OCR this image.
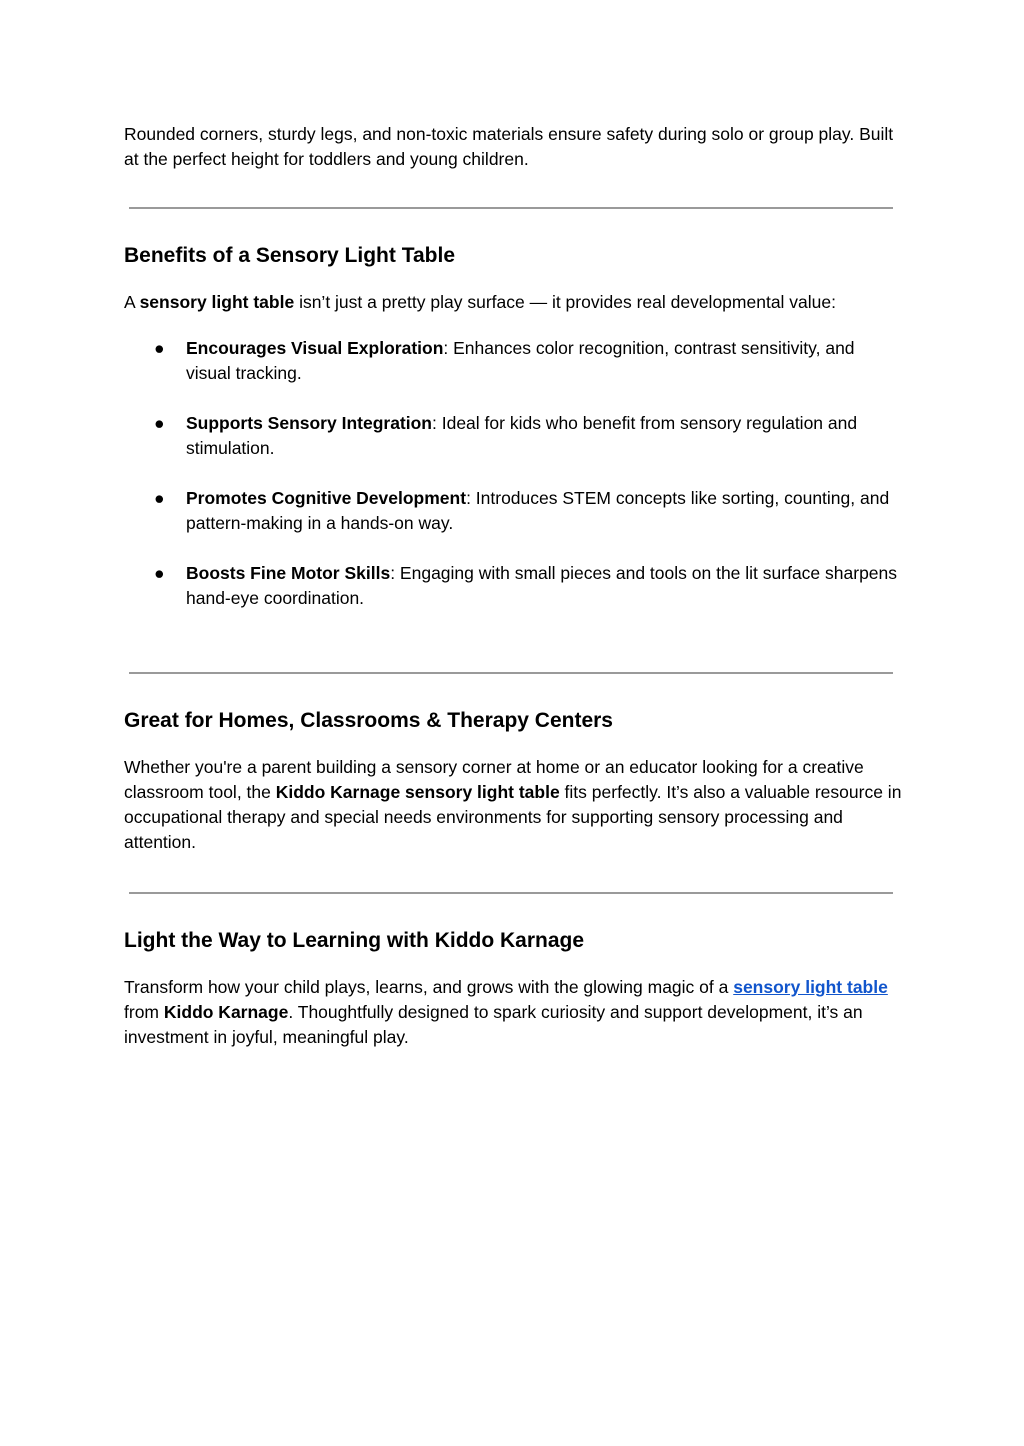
Rounded corners, sturdy legs, and non-toxic materials ensure safety during solo or group play. Built at the perfect height for toddlers and young children.

Benefits of a Sensory Light Table

A sensory light table isn’t just a pretty play surface — it provides real developmental value:

● Encourages Visual Exploration: Enhances color recognition, contrast sensitivity, and visual tracking.
● Supports Sensory Integration: Ideal for kids who benefit from sensory regulation and stimulation.
● Promotes Cognitive Development: Introduces STEM concepts like sorting, counting, and pattern-making in a hands-on way.
● Boosts Fine Motor Skills: Engaging with small pieces and tools on the lit surface sharpens hand-eye coordination.
Great for Homes, Classrooms & Therapy Centers

Whether you're a parent building a sensory corner at home or an educator looking for a creative classroom tool, the Kiddo Karnage sensory light table fits perfectly. It’s also a valuable resource in occupational therapy and special needs environments for supporting sensory processing and attention.

Light the Way to Learning with Kiddo Karnage

Transform how your child plays, learns, and grows with the glowing magic of a sensory light table from Kiddo Karnage. Thoughtfully designed to spark curiosity and support development, it’s an investment in joyful, meaningful play.
